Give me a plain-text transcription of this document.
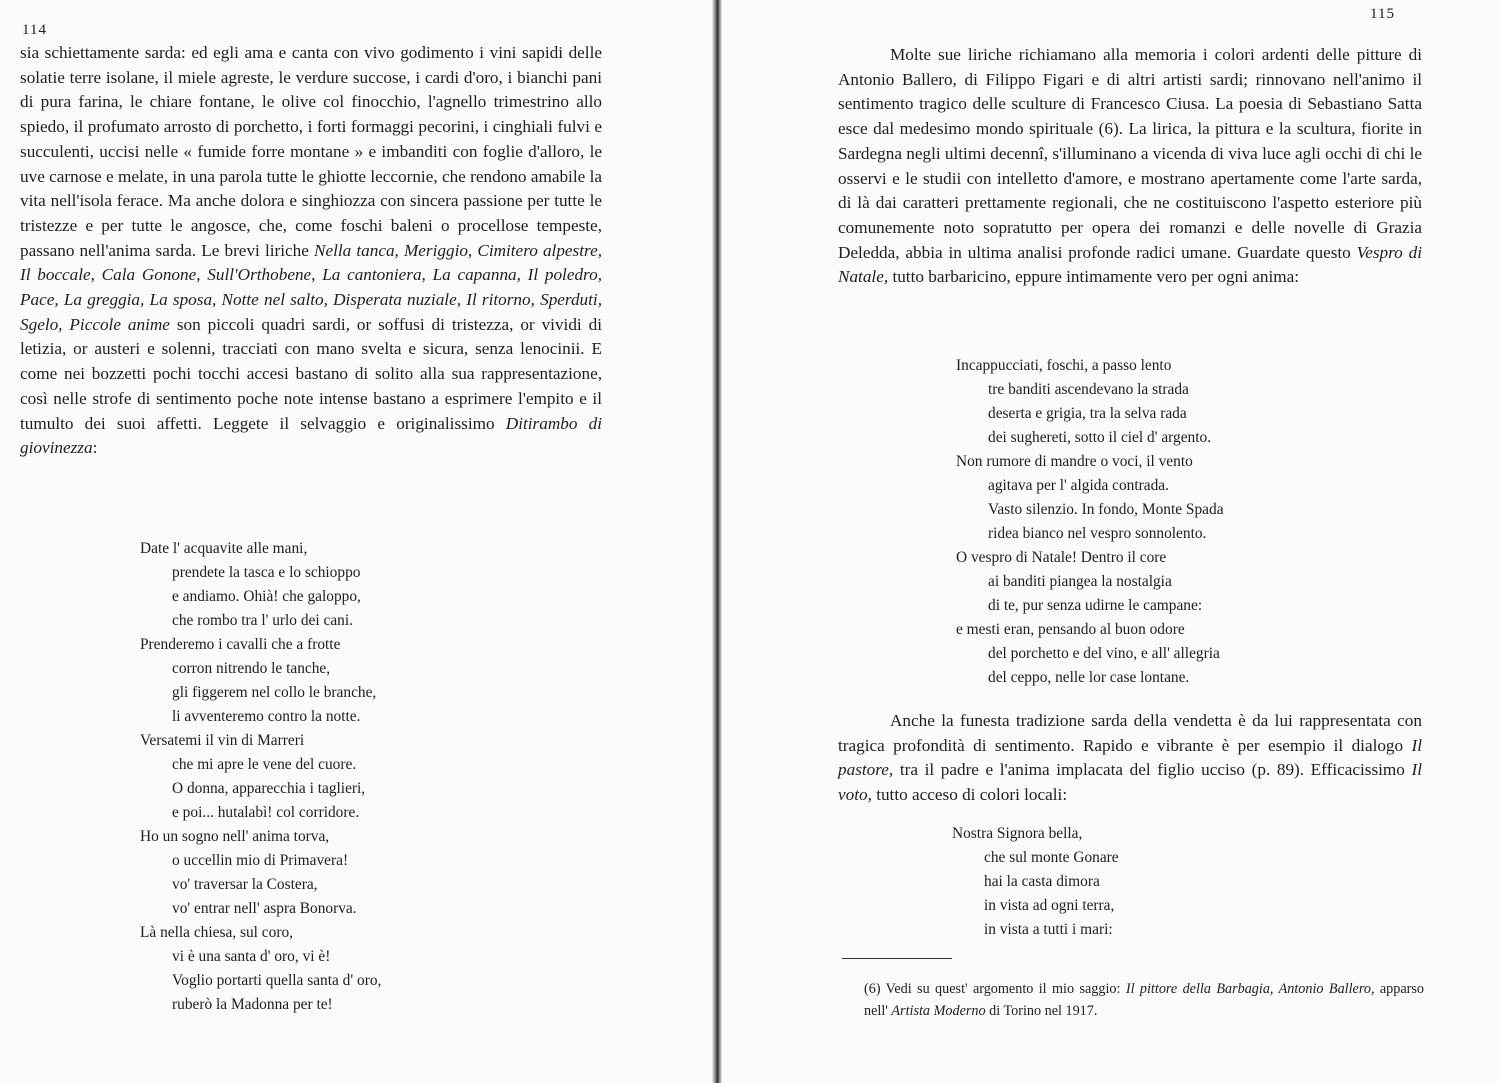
114

sia schiettamente sarda: ed egli ama e canta con vivo godimento i vini sapidi delle solatie terre isolane, il miele agreste, le verdure succose, i cardi d'oro, i bianchi pani di pura farina, le chiare fontane, le olive col finocchio, l'agnello trimestrino allo spiedo, il profumato arrosto di porchetto, i forti formaggi pecorini, i cinghiali fulvi e succulenti, uccisi nelle « fumide forre montane » e imbanditi con foglie d'alloro, le uve carnose e melate, in una parola tutte le ghiotte leccornie, che rendono amabile la vita nell'isola ferace. Ma anche dolora e singhiozza con sincera passione per tutte le tristezze e per tutte le angosce, che, come foschi baleni o procellose tempeste, passano nell'anima sarda. Le brevi liriche Nella tanca, Meriggio, Cimitero alpestre, Il boccale, Cala Gonone, Sull'Orthobene, La cantoniera, La capanna, Il poledro, Pace, La greggia, La sposa, Notte nel salto, Disperata nuziale, Il ritorno, Sperduti, Sgelo, Piccole anime son piccoli quadri sardi, or soffusi di tristezza, or vividi di letizia, or austeri e solenni, tracciati con mano svelta e sicura, senza lenocinii. E come nei bozzetti pochi tocchi accesi bastano di solito alla sua rappresentazione, così nelle strofe di sentimento poche note intense bastano a esprimere l'empito e il tumulto dei suoi affetti. Leggete il selvaggio e originalissimo Ditirambo di giovinezza:

Date l' acquavite alle mani,
prendete la tasca e lo schioppo
e andiamo. Ohià! che galoppo,
che rombo tra l' urlo dei cani.
Prenderemo i cavalli che a frotte
corron nitrendo le tanche,
gli figgerem nel collo le branche,
li avventeremo contro la notte.
Versatemi il vin di Marreri
che mi apre le vene del cuore.
O donna, apparecchia i taglieri,
e poi... hutalabì! col corridore.
Ho un sogno nell' anima torva,
o uccellin mio di Primavera!
vo' traversar la Costera,
vo' entrar nell' aspra Bonorva.
Là nella chiesa, sul coro,
vi è una santa d' oro, vi è!
Voglio portarti quella santa d' oro,
ruberò la Madonna per te!
115

Molte sue liriche richiamano alla memoria i colori ardenti delle pitture di Antonio Ballero, di Filippo Figari e di altri artisti sardi; rinnovano nell'animo il sentimento tragico delle sculture di Francesco Ciusa. La poesia di Sebastiano Satta esce dal medesimo mondo spirituale (6). La lirica, la pittura e la scultura, fiorite in Sardegna negli ultimi decennî, s'illuminano a vicenda di viva luce agli occhi di chi le osservi e le studii con intelletto d'amore, e mostrano apertamente come l'arte sarda, di là dai caratteri prettamente regionali, che ne costituiscono l'aspetto esteriore più comunemente noto sopratutto per opera dei romanzi e delle novelle di Grazia Deledda, abbia in ultima analisi profonde radici umane. Guardate questo Vespro di Natale, tutto barbaricino, eppure intimamente vero per ogni anima:

Incappucciati, foschi, a passo lento
tre banditi ascendevano la strada
deserta e grigia, tra la selva rada
dei sughereti, sotto il ciel d' argento.
Non rumore di mandre o voci, il vento
agitava per l' algida contrada.
Vasto silenzio. In fondo, Monte Spada
ridea bianco nel vespro sonnolento.
O vespro di Natale! Dentro il core
ai banditi piangea la nostalgia
di te, pur senza udirne le campane:
e mesti eran, pensando al buon odore
del porchetto e del vino, e all' allegria
del ceppo, nelle lor case lontane.

Anche la funesta tradizione sarda della vendetta è da lui rappresentata con tragica profondità di sentimento. Rapido e vibrante è per esempio il dialogo Il pastore, tra il padre e l'anima implacata del figlio ucciso (p. 89). Efficacissimo Il voto, tutto acceso di colori locali:

Nostra Signora bella,
che sul monte Gonare
hai la casta dimora
in vista ad ogni terra,
in vista a tutti i mari:

(6) Vedi su quest' argomento il mio saggio: Il pittore della Barbagia, Antonio Ballero, apparso nell' Artista Moderno di Torino nel 1917.
